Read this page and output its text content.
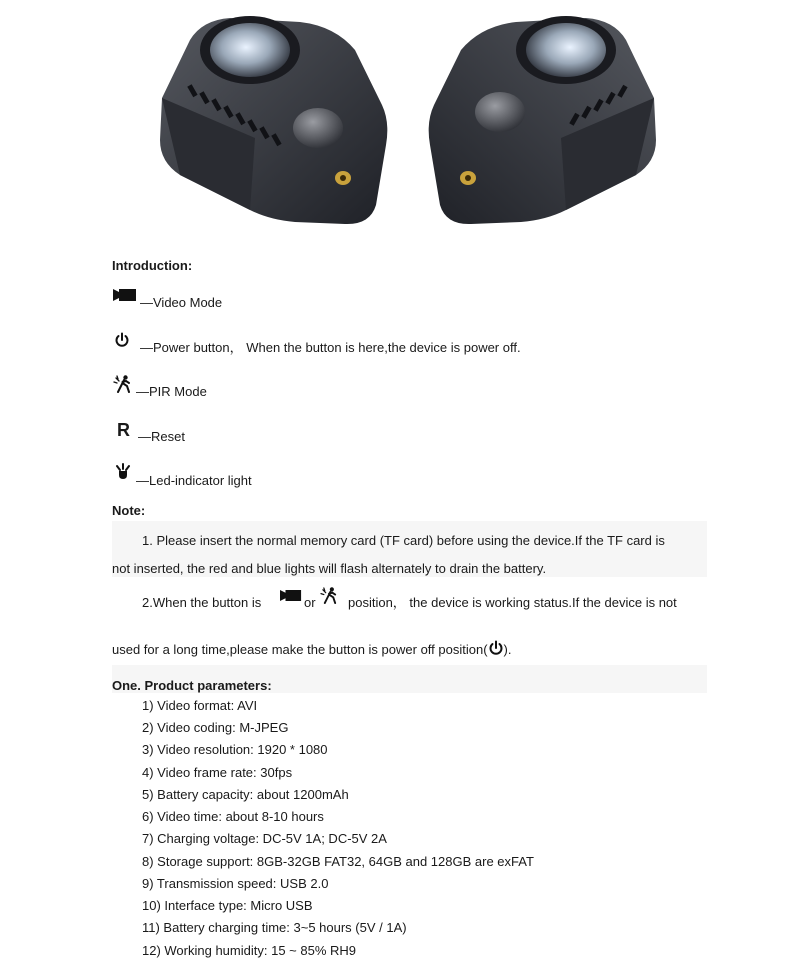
Introduction:
—Video Mode
—Power button， When the button is here,the device is power off.
—PIR Mode
R —Reset
—Led-indicator light
Note:
1. Please insert the normal memory card (TF card) before using the device.If the TF card is
not inserted, the red and blue lights will flash alternately to drain the battery.
2.When the button is	or position， the device is working status.If the device is not
used for a long time,please make the button is power off position( ).
One. Product parameters:
1) Video format: AVI
2) Video coding: M-JPEG
3) Video resolution: 1920 * 1080
4) Video frame rate: 30fps
5) Battery capacity: about 1200mAh
6) Video time: about 8-10 hours
7) Charging voltage: DC-5V 1A; DC-5V 2A
8) Storage support: 8GB-32GB FAT32, 64GB and 128GB are exFAT
9) Transmission speed: USB 2.0
10) Interface type: Micro USB
11) Battery charging time: 3~5 hours (5V / 1A)
12) Working humidity: 15 ~ 85% RH9
